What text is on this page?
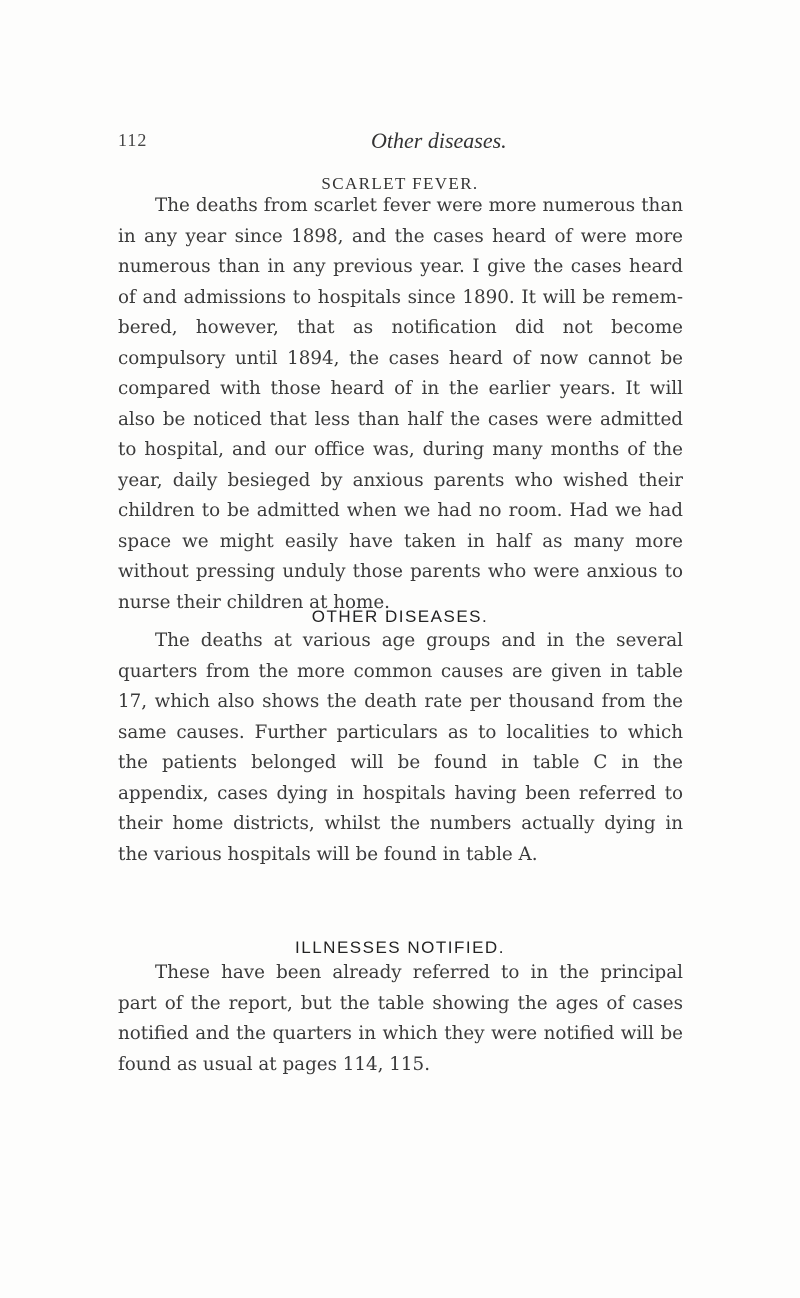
112	Other diseases.
SCARLET FEVER.

The deaths from scarlet fever were more numerous than in any year since 1898, and the cases heard of were more numerous than in any previous year. I give the cases heard of and admissions to hospitals since 1890. It will be remembered, however, that as notification did not become compulsory until 1894, the cases heard of now cannot be compared with those heard of in the earlier years. It will also be noticed that less than half the cases were admitted to hospital, and our office was, during many months of the year, daily besieged by anxious parents who wished their children to be admitted when we had no room. Had we had space we might easily have taken in half as many more without pressing unduly those parents who were anxious to nurse their children at home.

OTHER DISEASES.

The deaths at various age groups and in the several quarters from the more common causes are given in table 17, which also shows the death rate per thousand from the same causes. Further particulars as to localities to which the patients belonged will be found in table C in the appendix, cases dying in hospitals having been referred to their home districts, whilst the numbers actually dying in the various hospitals will be found in table A.

ILLNESSES NOTIFIED.

These have been already referred to in the principal part of the report, but the table showing the ages of cases notified and the quarters in which they were notified will be found as usual at pages 114, 115.
